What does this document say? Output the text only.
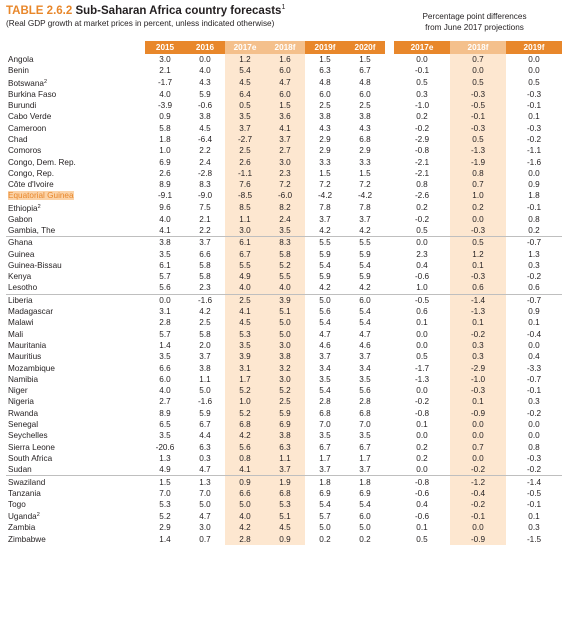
TABLE 2.6.2 Sub-Saharan Africa country forecasts$^1$
(Real GDP growth at market prices in percent, unless indicated otherwise)
Percentage point differences
from June 2017 projections
	2015	2016	2017e	2018f	2019f	2020f		2017e	2018f	2019f
Angola	3.0	0.0	1.2	1.6	1.5	1.5		0.0	0.7	0.0
Benin	2.1	4.0	5.4	6.0	6.3	6.7		-0.1	0.0	0.0
Botswana$^2$	-1.7	4.3	4.5	4.7	4.8	4.8		0.5	0.5	0.5
Burkina Faso	4.0	5.9	6.4	6.0	6.0	6.0		0.3	-0.3	-0.3
Burundi	-3.9	-0.6	0.5	1.5	2.5	2.5		-1.0	-0.5	-0.1
Cabo Verde	0.9	3.8	3.5	3.6	3.8	3.8		0.2	-0.1	0.1
Cameroon	5.8	4.5	3.7	4.1	4.3	4.3		-0.2	-0.3	-0.3
Chad	1.8	-6.4	-2.7	3.7	2.9	6.8		-2.9	0.5	-0.2
Comoros	1.0	2.2	2.5	2.7	2.9	2.9		-0.8	-1.3	-1.1
Congo, Dem. Rep.	6.9	2.4	2.6	3.0	3.3	3.3		-2.1	-1.9	-1.6
Congo, Rep.	2.6	-2.8	-1.1	2.3	1.5	1.5		-2.1	0.8	0.0
Côte d'Ivoire	8.9	8.3	7.6	7.2	7.2	7.2		0.8	0.7	0.9
Equatorial Guinea	-9.1	-9.0	-8.5	-6.0	-4.2	-4.2		-2.6	1.0	1.8
Ethiopia$^2$	9.6	7.5	8.5	8.2	7.8	7.8		0.2	0.2	-0.1
Gabon	4.0	2.1	1.1	2.4	3.7	3.7		-0.2	0.0	0.8
Gambia, The	4.1	2.2	3.0	3.5	4.2	4.2		0.5	-0.3	0.2
Ghana	3.8	3.7	6.1	8.3	5.5	5.5		0.0	0.5	-0.7
Guinea	3.5	6.6	6.7	5.8	5.9	5.9		2.3	1.2	1.3
Guinea-Bissau	6.1	5.8	5.5	5.2	5.4	5.4		0.4	0.1	0.3
Kenya	5.7	5.8	4.9	5.5	5.9	5.9		-0.6	-0.3	-0.2
Lesotho	5.6	2.3	4.0	4.0	4.2	4.2		1.0	0.6	0.6
Liberia	0.0	-1.6	2.5	3.9	5.0	6.0		-0.5	-1.4	-0.7
Madagascar	3.1	4.2	4.1	5.1	5.6	5.4		0.6	-1.3	0.9
Malawi	2.8	2.5	4.5	5.0	5.4	5.4		0.1	0.1	0.1
Mali	5.7	5.8	5.3	5.0	4.7	4.7		0.0	-0.2	-0.4
Mauritania	1.4	2.0	3.5	3.0	4.6	4.6		0.0	0.3	0.0
Mauritius	3.5	3.7	3.9	3.8	3.7	3.7		0.5	0.3	0.4
Mozambique	6.6	3.8	3.1	3.2	3.4	3.4		-1.7	-2.9	-3.3
Namibia	6.0	1.1	1.7	3.0	3.5	3.5		-1.3	-1.0	-0.7
Niger	4.0	5.0	5.2	5.2	5.4	5.6		0.0	-0.3	-0.1
Nigeria	2.7	-1.6	1.0	2.5	2.8	2.8		-0.2	0.1	0.3
Rwanda	8.9	5.9	5.2	5.9	6.8	6.8		-0.8	-0.9	-0.2
Senegal	6.5	6.7	6.8	6.9	7.0	7.0		0.1	0.0	0.0
Seychelles	3.5	4.4	4.2	3.8	3.5	3.5		0.0	0.0	0.0
Sierra Leone	-20.6	6.3	5.6	6.3	6.7	6.7		0.2	0.7	0.8
South Africa	1.3	0.3	0.8	1.1	1.7	1.7		0.2	0.0	-0.3
Sudan	4.9	4.7	4.1	3.7	3.7	3.7		0.0	-0.2	-0.2
Swaziland	1.5	1.3	0.9	1.9	1.8	1.8		-0.8	-1.2	-1.4
Tanzania	7.0	7.0	6.6	6.8	6.9	6.9		-0.6	-0.4	-0.5
Togo	5.3	5.0	5.0	5.3	5.4	5.4		0.4	-0.2	-0.1
Uganda$^2$	5.2	4.7	4.0	5.1	5.7	6.0		-0.6	-0.1	0.1
Zambia	2.9	3.0	4.2	4.5	5.0	5.0		0.1	0.0	0.3
Zimbabwe	1.4	0.7	2.8	0.9	0.2	0.2		0.5	-0.9	-1.5
